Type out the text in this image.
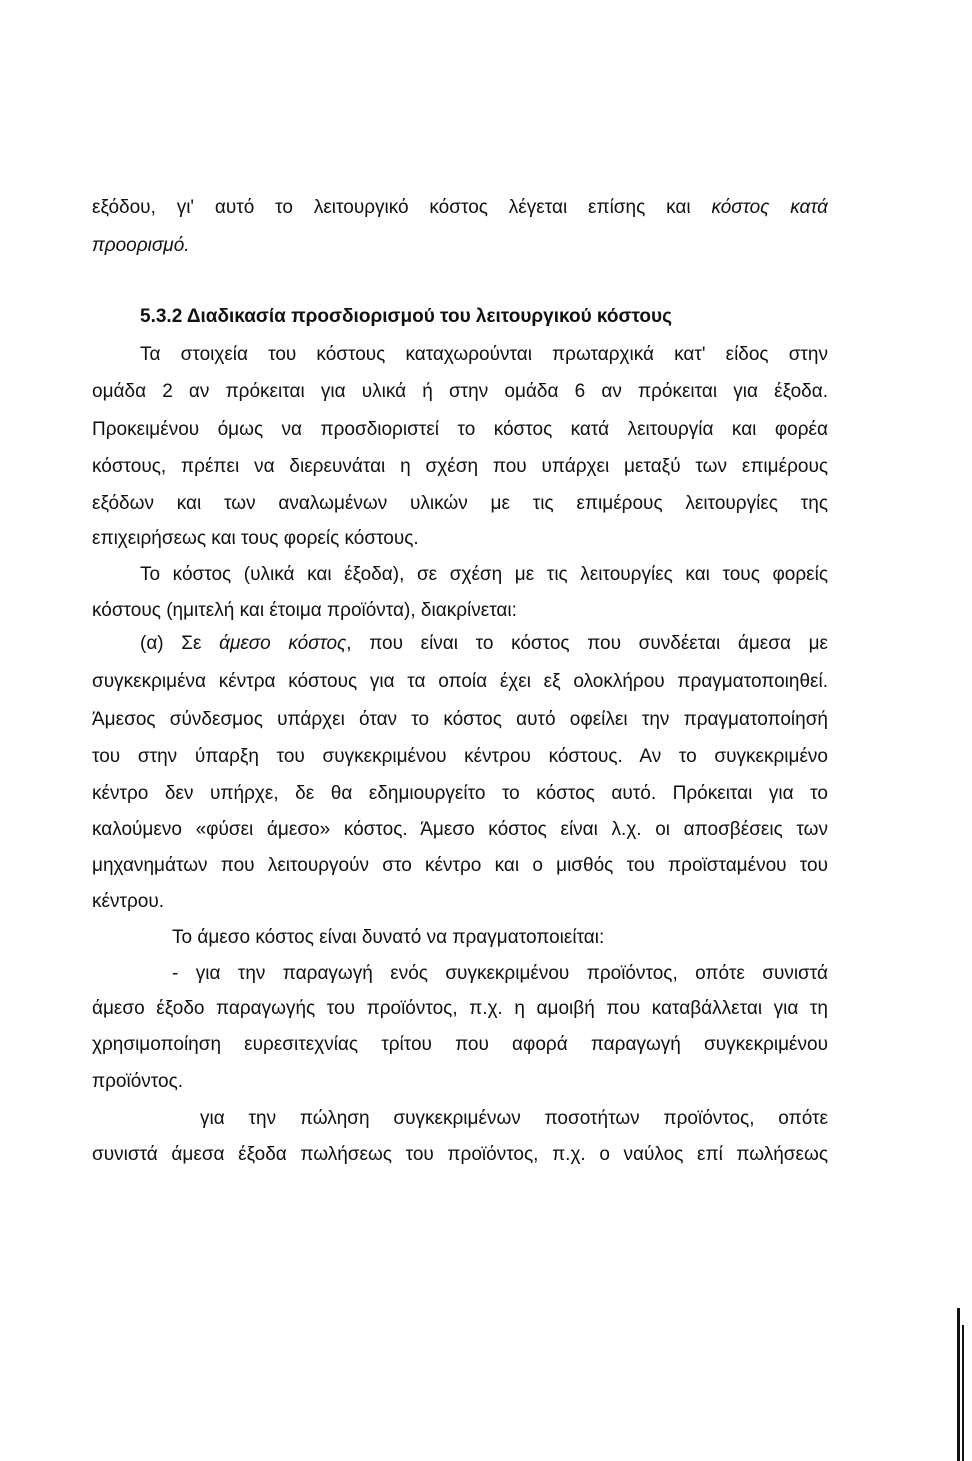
εξόδου, γι' αυτό το λειτουργικό κόστος λέγεται επίσης και κόστος κατά
προορισμό.
5.3.2 Διαδικασία προσδιορισμού του λειτουργικού κόστους
Τα στοιχεία του κόστους καταχωρούνται πρωταρχικά κατ' είδος στην
ομάδα 2 αν πρόκειται για υλικά ή στην ομάδα 6 αν πρόκειται για έξοδα.
Προκειμένου όμως να προσδιοριστεί το κόστος κατά λειτουργία και φορέα
κόστους, πρέπει να διερευνάται η σχέση που υπάρχει μεταξύ των επιμέρους
εξόδων και των αναλωμένων υλικών με τις επιμέρους λειτουργίες της
επιχειρήσεως και τους φορείς κόστους.
Το κόστος (υλικά και έξοδα), σε σχέση με τις λειτουργίες και τους φορείς
κόστους (ημιτελή και έτοιμα προϊόντα), διακρίνεται:
(α) Σε άμεσο κόστος, που είναι το κόστος που συνδέεται άμεσα με
συγκεκριμένα κέντρα κόστους για τα οποία έχει εξ ολοκλήρου πραγματοποιηθεί.
Άμεσος σύνδεσμος υπάρχει όταν το κόστος αυτό οφείλει την πραγματοποίησή
του στην ύπαρξη του συγκεκριμένου κέντρου κόστους. Αν το συγκεκριμένο
κέντρο δεν υπήρχε, δε θα εδημιουργείτο το κόστος αυτό. Πρόκειται για το
καλούμενο «φύσει άμεσο» κόστος. Άμεσο κόστος είναι λ.χ. οι αποσβέσεις των
μηχανημάτων που λειτουργούν στο κέντρο και ο μισθός του προϊσταμένου του
κέντρου.
Το άμεσο κόστος είναι δυνατό να πραγματοποιείται:
- για την παραγωγή ενός συγκεκριμένου προϊόντος, οπότε συνιστά
άμεσο έξοδο παραγωγής του προϊόντος, π.χ. η αμοιβή που καταβάλλεται για τη
χρησιμοποίηση ευρεσιτεχνίας τρίτου που αφορά παραγωγή συγκεκριμένου
προϊόντος.
για την πώληση συγκεκριμένων ποσοτήτων προϊόντος, οπότε
συνιστά άμεσα έξοδα πωλήσεως του προϊόντος, π.χ. ο ναύλος επί πωλήσεως
